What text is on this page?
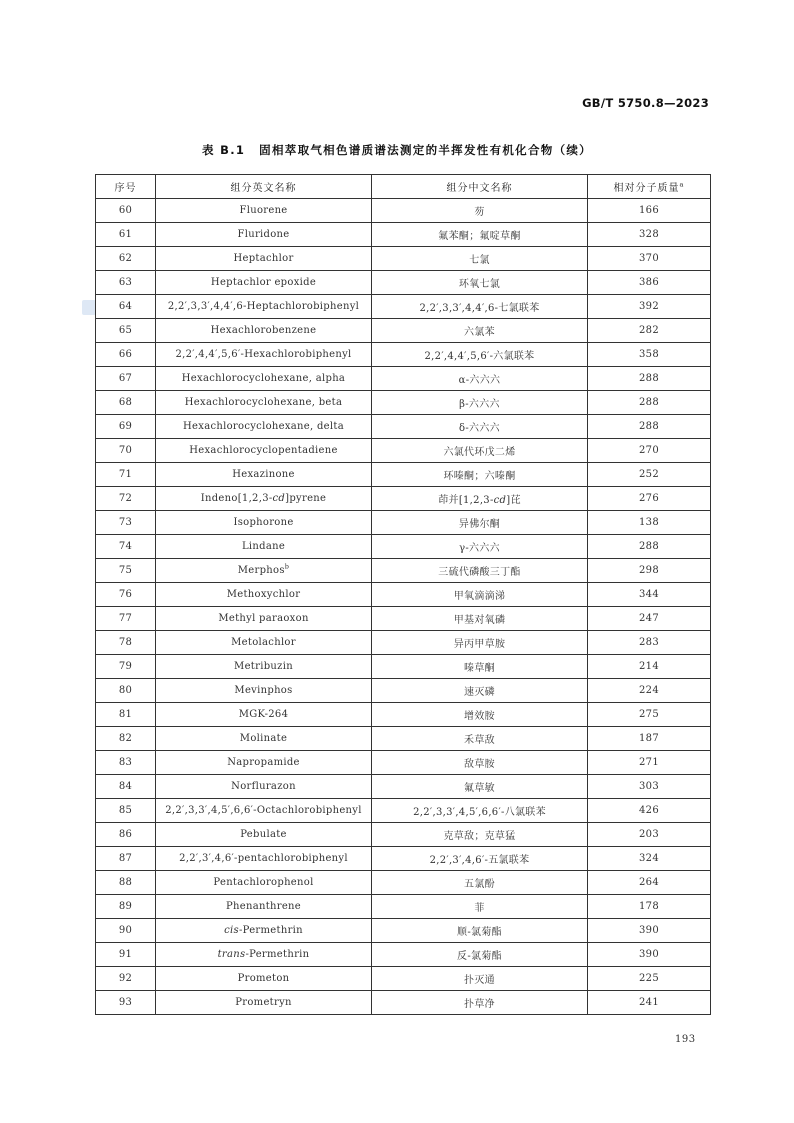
GB/T 5750.8—2023
表 B.1 固相萃取气相色谱质谱法测定的半挥发性有机化合物（续）
序号	组分英文名称	组分中文名称	相对分子质量$^a$
60	Fluorene	芴	166
61	Fluridone	氟苯酮；氟啶草酮	328
62	Heptachlor	七氯	370
63	Heptachlor epoxide	环氧七氯	386
64	2,2′,3,3′,4,4′,6-Heptachlorobiphenyl	2,2′,3,3′,4,4′,6-七氯联苯	392
65	Hexachlorobenzene	六氯苯	282
66	2,2′,4,4′,5,6′-Hexachlorobiphenyl	2,2′,4,4′,5,6′-六氯联苯	358
67	Hexachlorocyclohexane, alpha	α-六六六	288
68	Hexachlorocyclohexane, beta	β-六六六	288
69	Hexachlorocyclohexane, delta	δ-六六六	288
70	Hexachlorocyclopentadiene	六氯代环戊二烯	270
71	Hexazinone	环嗪酮；六嗪酮	252
72	Indeno[1,2,3-cd]pyrene	茚并[1,2,3-cd]芘	276
73	Isophorone	异佛尔酮	138
74	Lindane	γ-六六六	288
75	Merphos$^b$	三硫代磷酸三丁酯	298
76	Methoxychlor	甲氧滴滴涕	344
77	Methyl paraoxon	甲基对氧磷	247
78	Metolachlor	异丙甲草胺	283
79	Metribuzin	嗪草酮	214
80	Mevinphos	速灭磷	224
81	MGK-264	增效胺	275
82	Molinate	禾草敌	187
83	Napropamide	敌草胺	271
84	Norflurazon	氟草敏	303
85	2,2′,3,3′,4,5′,6,6′-Octachlorobiphenyl	2,2′,3,3′,4,5′,6,6′-八氯联苯	426
86	Pebulate	克草敌；克草猛	203
87	2,2′,3′,4,6′-pentachlorobiphenyl	2,2′,3′,4,6′-五氯联苯	324
88	Pentachlorophenol	五氯酚	264
89	Phenanthrene	菲	178
90	cis-Permethrin	顺-氯菊酯	390
91	trans-Permethrin	反-氯菊酯	390
92	Prometon	扑灭通	225
93	Prometryn	扑草净	241
193
